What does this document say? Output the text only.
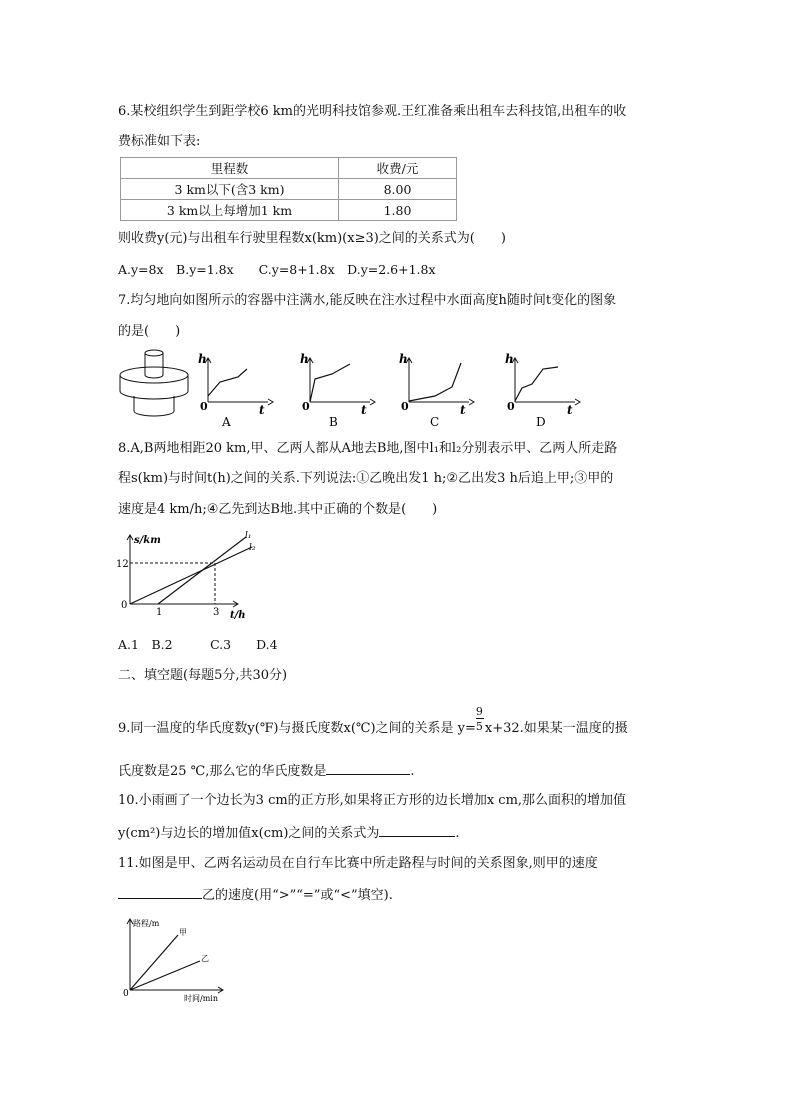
6.某校组织学生到距学校6 km的光明科技馆参观.王红准备乘出租车去科技馆,出租车的收
费标准如下表:
里程数	收费/元
3 km以下(含3 km)	8.00
3 km以上每增加1 km	1.80
则收费y(元)与出租车行驶里程数x(km)(x≥3)之间的关系式为(　　)
A.y=8x　B.y=1.8x　　C.y=8+1.8x　D.y=2.6+1.8x
7.均匀地向如图所示的容器中注满水,能反映在注水过程中水面高度h随时间t变化的图象
的是(　　)
h
0	t
A
h
0	t
B
h
0	t
C
h
0	t
D
8.A,B两地相距20 km,甲、乙两人都从A地去B地,图中l₁和l₂分别表示甲、乙两人所走路
程s(km)与时间t(h)之间的关系.下列说法:①乙晚出发1 h;②乙出发3 h后追上甲;③甲的
速度是4 km/h;④乙先到达B地.其中正确的个数是(　　)
s/km
12
0
1	3 t/h
l₁
l₂
A.1　B.2　　　C.3　　D.4
二、填空题(每题5分,共30分)
9.同一温度的华氏度数y(℉)与摄氏度数x(℃)之间的关系是 $y= \frac{9}{5} x+32$.如果某一温度的摄
氏度数是25 ℃,那么它的华氏度数是	.
10.小雨画了一个边长为3 cm的正方形,如果将正方形的边长增加x cm,那么面积的增加值
y(cm²)与边长的增加值x(cm)之间的关系式为	.
11.如图是甲、乙两名运动员在自行车比赛中所走路程与时间的关系图象,则甲的速度
乙的速度(用“>”“=”或“<”填空).
路程/m
甲
乙
0	时间/min
